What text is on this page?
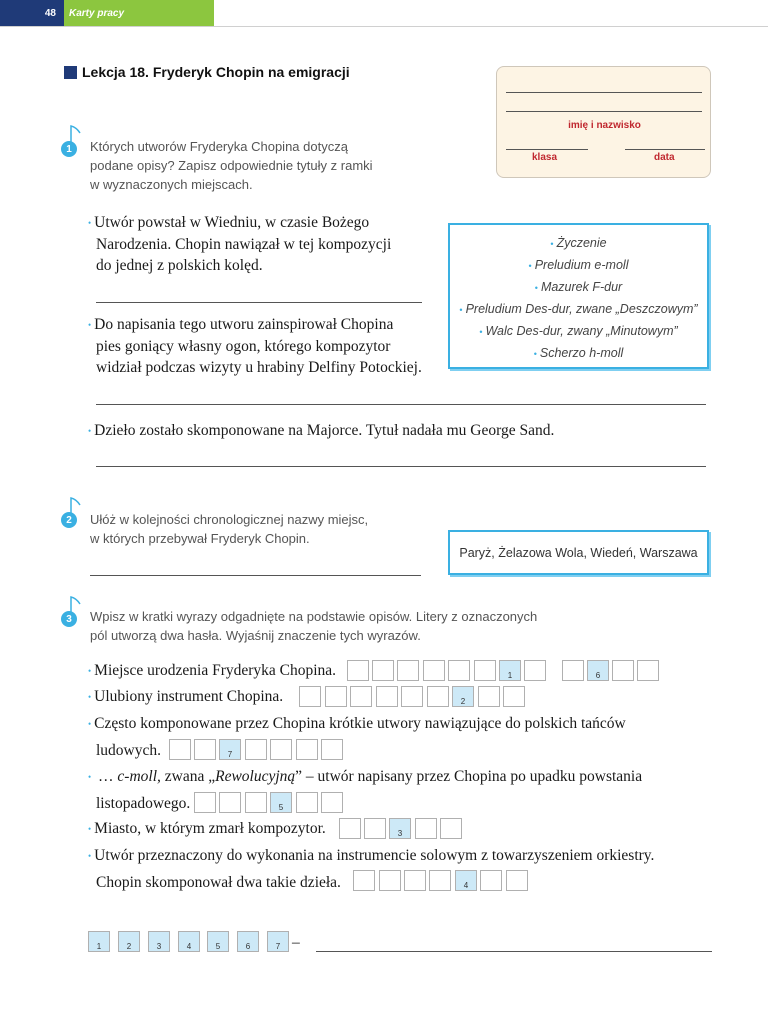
48	Karty pracy
Lekcja 18. Fryderyk Chopin na emigracji
imię i nazwisko
klasa	data
1	Których utworów Fryderyka Chopina dotyczą
podane opisy? Zapisz odpowiednie tytuły z ramki
w wyznaczonych miejscach.
• Utwór powstał w Wiedniu, w czasie Bożego
Narodzenia. Chopin nawiązał w tej kompozycji
do jednej z polskich kolęd.
• Do napisania tego utworu zainspirował Chopina
pies goniący własny ogon, którego kompozytor
widział podczas wizyty u hrabiny Delfiny Potockiej.
• Dzieło zostało skomponowane na Majorce. Tytuł nadała mu George Sand.
• Życzenie
• Preludium e-moll
• Mazurek F-dur
• Preludium Des-dur, zwane „Deszczowym”
• Walc Des-dur, zwany „Minutowym”
• Scherzo h-moll
2	Ułóż w kolejności chronologicznej nazwy miejsc,
w których przebywał Fryderyk Chopin.
Paryż, Żelazowa Wola, Wiedeń, Warszawa
3	Wpisz w kratki wyrazy odgadnięte na podstawie opisów. Litery z oznaczonych
pól utworzą dwa hasła. Wyjaśnij znaczenie tych wyrazów.
• Miejsce urodzenia Fryderyka Chopina.	1	6
• Ulubiony instrument Chopina.	2
• Często komponowane przez Chopina krótkie utwory nawiązujące do polskich tańców
ludowych.	7
• … c-moll, zwana „Rewolucyjną” – utwór napisany przez Chopina po upadku powstania
listopadowego.	5
• Miasto, w którym zmarł kompozytor.	3
• Utwór przeznaczony do wykonania na instrumencie solowym z towarzyszeniem orkiestry.
Chopin skomponował dwa takie dzieła.	4
1	2	3	4	5	6	7 –
